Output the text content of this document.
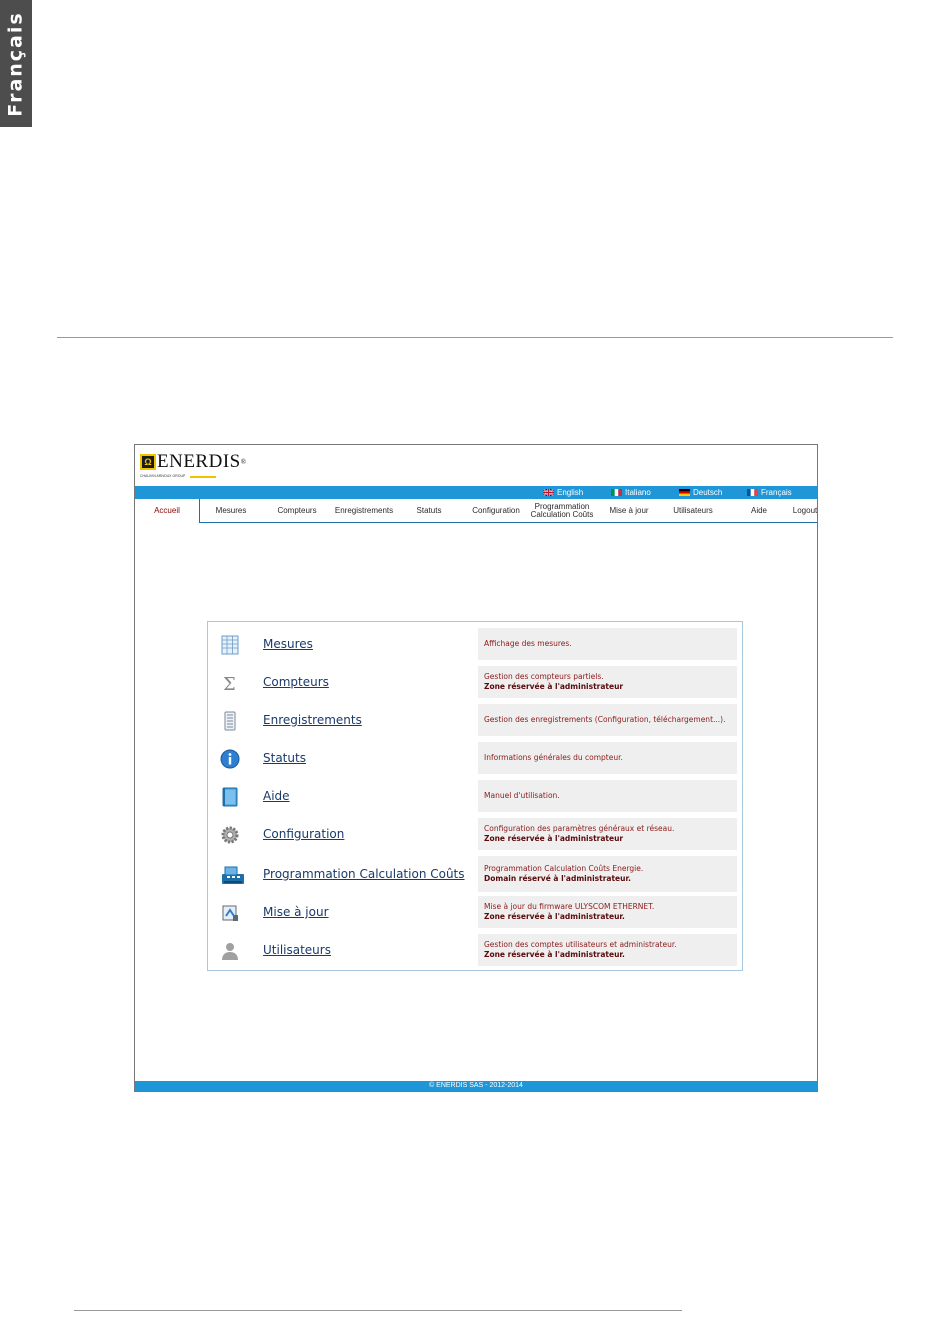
Français
Ω ENERDIS®
CHAUVIN ARNOUX GROUP
English	Italiano	Deutsch	Français
Accueil	Mesures	Compteurs	Enregistrements	Statuts	Configuration	Programmation Calculation Coûts	Mise à jour	Utilisateurs	Aide	Logout
Mesures	Affichage des mesures.
Σ Compteurs	Gestion des compteurs partiels.
Zone réservée à l'administrateur
Enregistrements	Gestion des enregistrements (Configuration, téléchargement...).
Statuts	Informations générales du compteur.
Aide	Manuel d'utilisation.
Configuration	Configuration des paramètres généraux et réseau.
Zone réservée à l'administrateur
Programmation Calculation Coûts	Programmation Calculation Coûts Energie.
Domain réservé à l'administrateur.
Mise à jour	Mise à jour du firmware ULYSCOM ETHERNET.
Zone réservée à l'administrateur.
Utilisateurs	Gestion des comptes utilisateurs et administrateur.
Zone réservée à l'administrateur.
© ENERDIS SAS - 2012-2014
